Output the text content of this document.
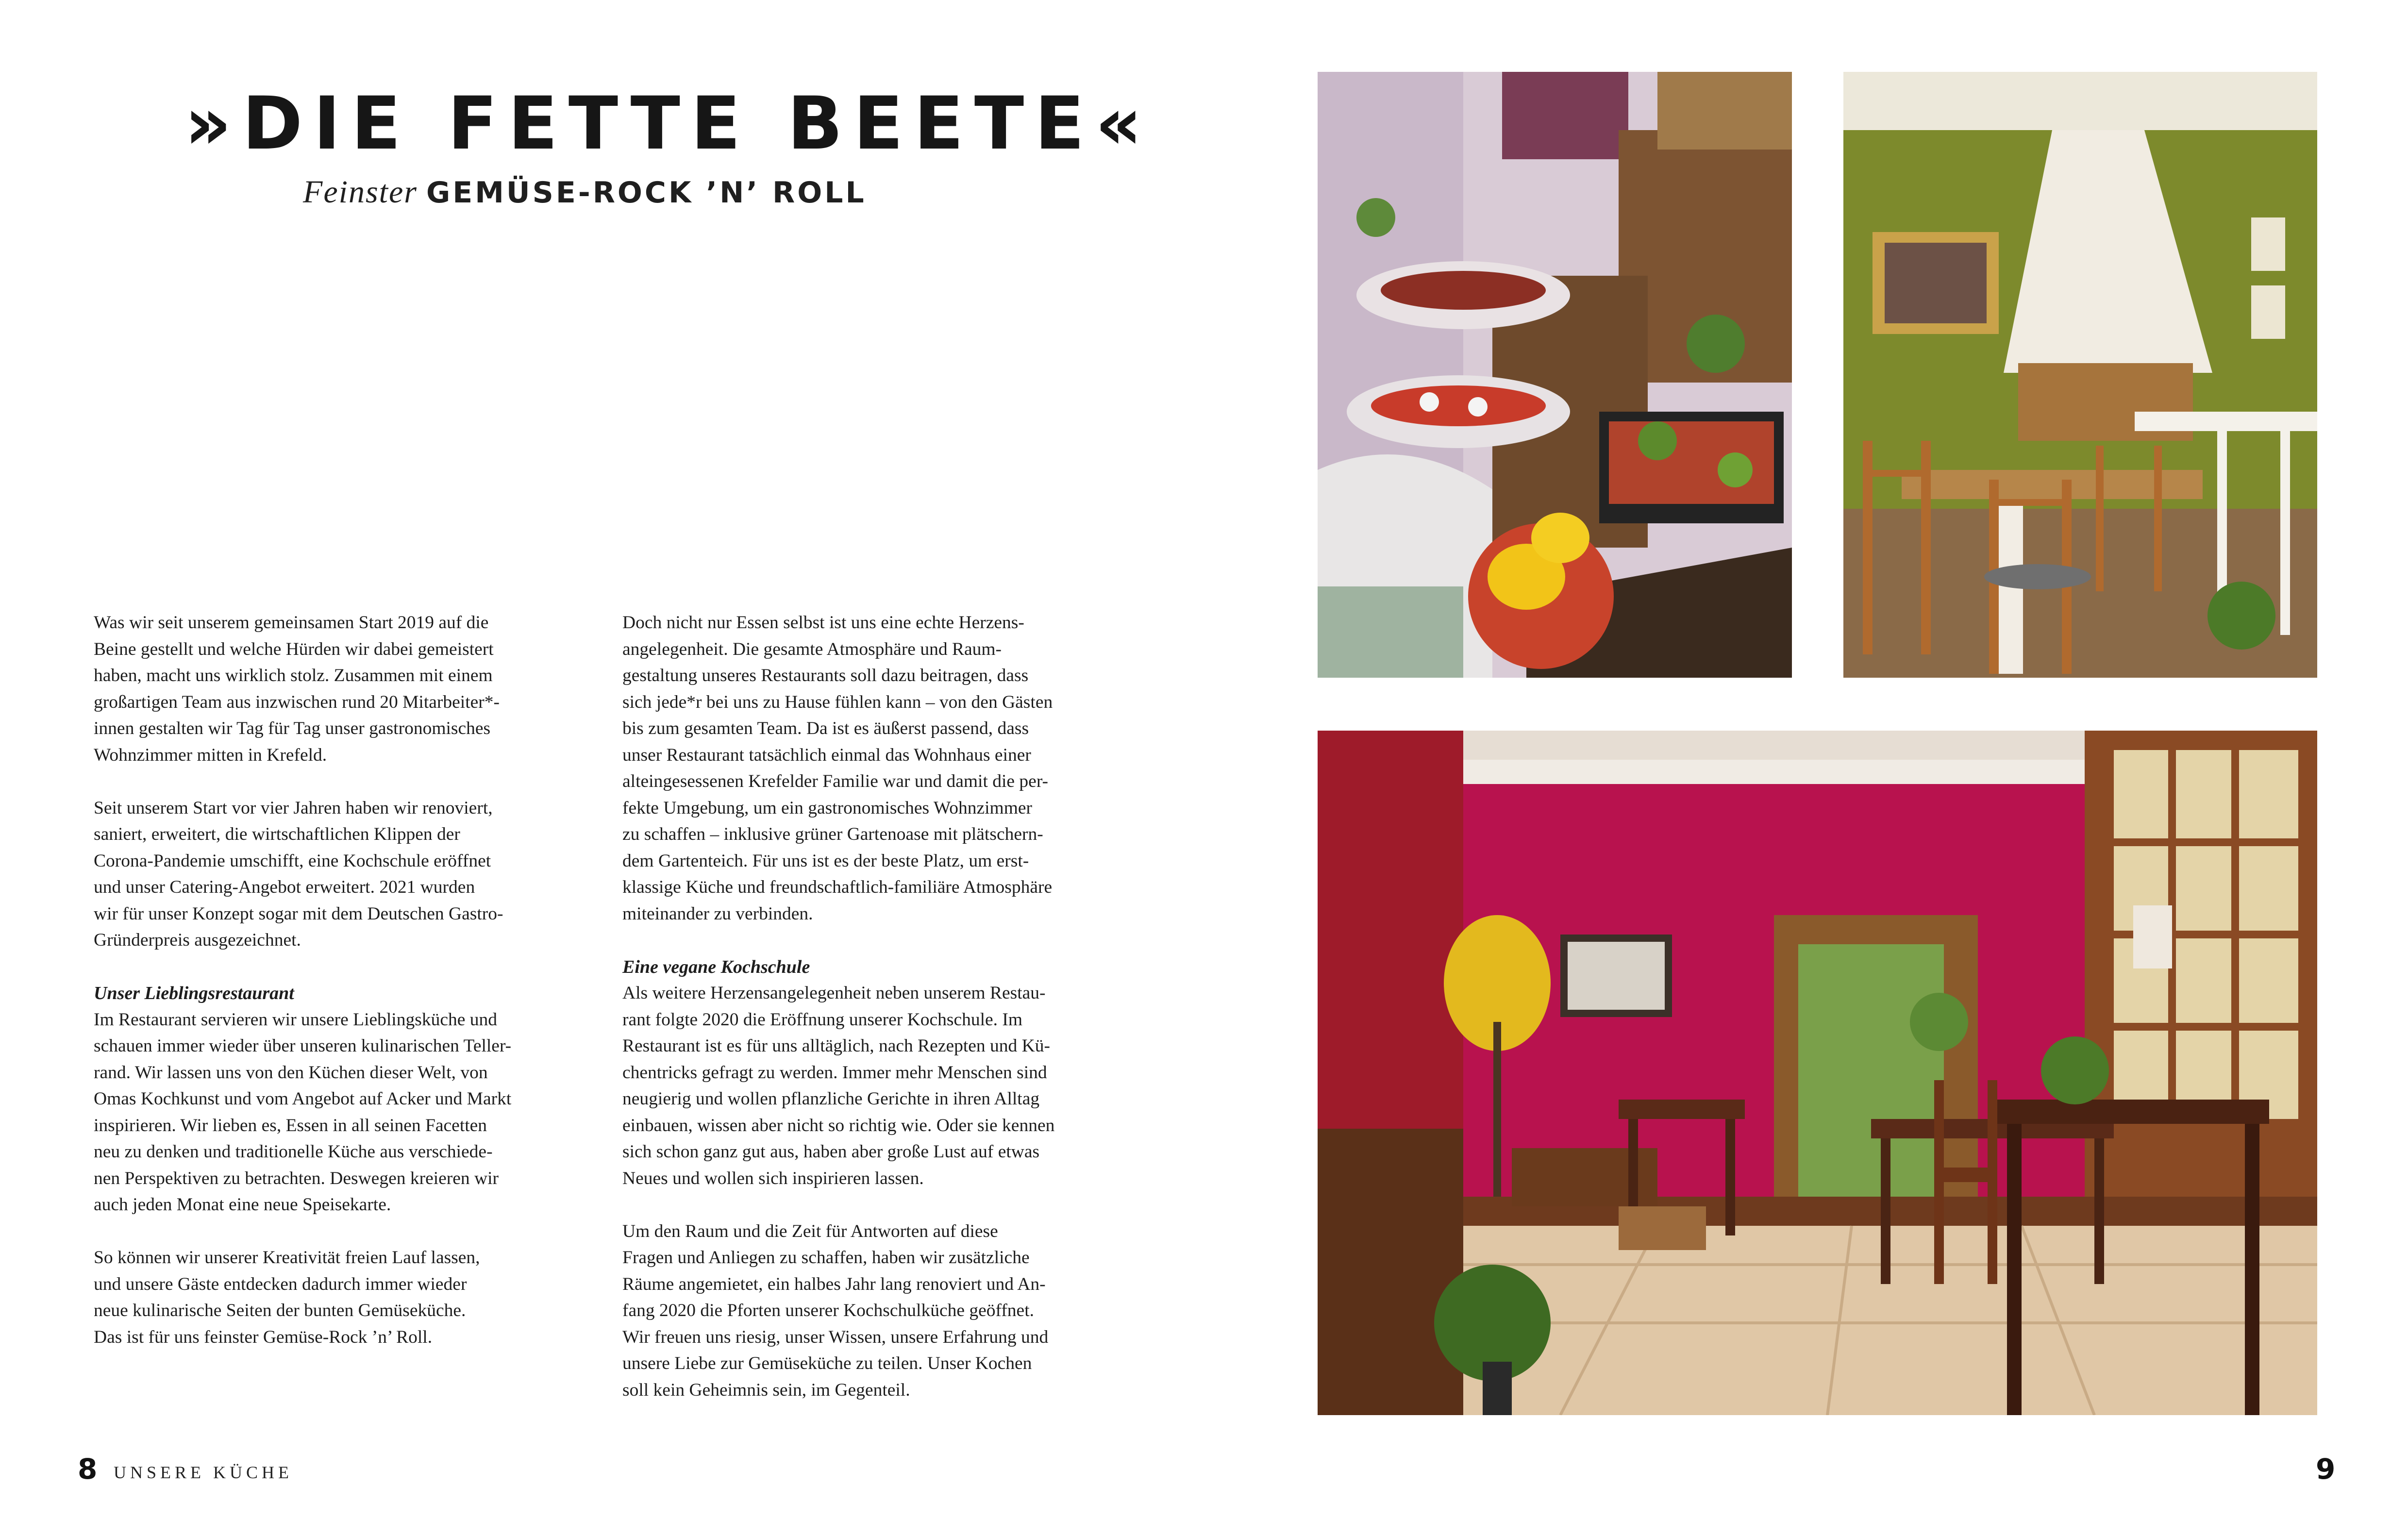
»DIE FETTE BEETE«
Feinster GEMÜSE-ROCK ’N’ ROLL

Was wir seit unserem gemeinsamen Start 2019 auf die
Beine gestellt und welche Hürden wir dabei gemeistert
haben, macht uns wirklich stolz. Zusammen mit einem
großartigen Team aus inzwischen rund 20 Mitarbeiter*-
innen gestalten wir Tag für Tag unser gastronomisches
Wohnzimmer mitten in Krefeld.

Seit unserem Start vor vier Jahren haben wir renoviert,
saniert, erweitert, die wirtschaftlichen Klippen der
Corona-Pandemie umschifft, eine Kochschule eröffnet
und unser Catering-Angebot erweitert. 2021 wurden
wir für unser Konzept sogar mit dem Deutschen Gastro-
Gründerpreis ausgezeichnet.

Unser Lieblingsrestaurant

Im Restaurant servieren wir unsere Lieblingsküche und
schauen immer wieder über unseren kulinarischen Teller-
rand. Wir lassen uns von den Küchen dieser Welt, von
Omas Kochkunst und vom Angebot auf Acker und Markt
inspirieren. Wir lieben es, Essen in all seinen Facetten
neu zu denken und traditionelle Küche aus verschiede-
nen Perspektiven zu betrachten. Deswegen kreieren wir
auch jeden Monat eine neue Speisekarte.

So können wir unserer Kreativität freien Lauf lassen,
und unsere Gäste entdecken dadurch immer wieder
neue kulinarische Seiten der bunten Gemüseküche.
Das ist für uns feinster Gemüse-Rock ’n’ Roll.

Doch nicht nur Essen selbst ist uns eine echte Herzens-
angelegenheit. Die gesamte Atmosphäre und Raum-
gestaltung unseres Restaurants soll dazu beitragen, dass
sich jede*r bei uns zu Hause fühlen kann – von den Gästen
bis zum gesamten Team. Da ist es äußerst passend, dass
unser Restaurant tatsächlich einmal das Wohnhaus einer
alteingesessenen Krefelder Familie war und damit die per-
fekte Umgebung, um ein gastronomisches Wohnzimmer
zu schaffen – inklusive grüner Gartenoase mit plätschern-
dem Gartenteich. Für uns ist es der beste Platz, um erst-
klassige Küche und freundschaftlich-familiäre Atmosphäre
miteinander zu verbinden.

Eine vegane Kochschule

Als weitere Herzensangelegenheit neben unserem Restau-
rant folgte 2020 die Eröffnung unserer Kochschule. Im
Restaurant ist es für uns alltäglich, nach Rezepten und Kü-
chentricks gefragt zu werden. Immer mehr Menschen sind
neugierig und wollen pflanzliche Gerichte in ihren Alltag
einbauen, wissen aber nicht so richtig wie. Oder sie kennen
sich schon ganz gut aus, haben aber große Lust auf etwas
Neues und wollen sich inspirieren lassen.

Um den Raum und die Zeit für Antworten auf diese
Fragen und Anliegen zu schaffen, haben wir zusätzliche
Räume angemietet, ein halbes Jahr lang renoviert und An-
fang 2020 die Pforten unserer Kochschulküche geöffnet.
Wir freuen uns riesig, unser Wissen, unsere Erfahrung und
unsere Liebe zur Gemüseküche zu teilen. Unser Kochen
soll kein Geheimnis sein, im Gegenteil.

8 UNSERE KÜCHE	9
